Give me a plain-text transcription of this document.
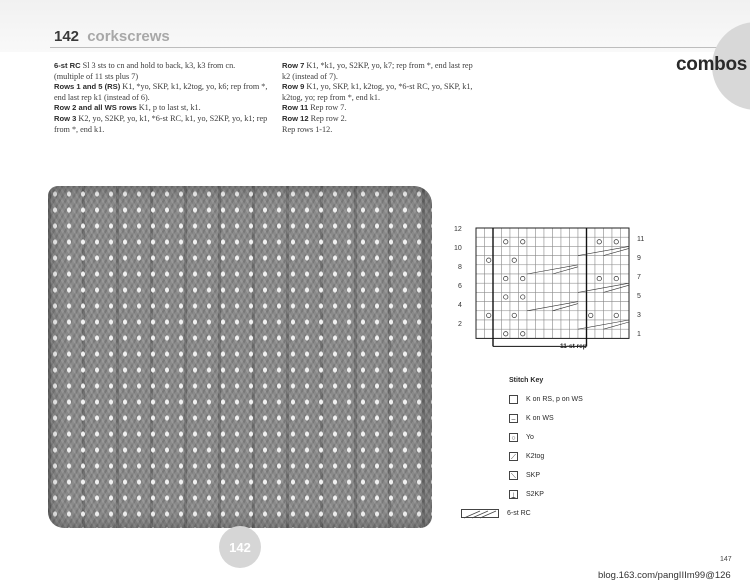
142 corkscrews
combos
6-st RC Sl 3 sts to cn and hold to back, k3, k3 from cn.
(multiple of 11 sts plus 7)
Rows 1 and 5 (RS) K1, *yo, SKP, k1, k2tog, yo, k6; rep from *, end last rep k1 (instead of 6).
Row 2 and all WS rows K1, p to last st, k1.
Row 3 K2, yo, S2KP, yo, k1, *6-st RC, k1, yo, S2KP, yo, k1; rep from *, end k1.
Row 7 K1, *k1, yo, S2KP, yo, k7; rep from *, end last rep k2 (instead of 7).
Row 9 K1, yo, SKP, k1, k2tog, yo, *6-st RC, yo, SKP, k1, k2tog, yo; rep from *, end k1.
Row 11 Rep row 7.
Row 12 Rep row 2.
Rep rows 1-12.
12
10
8
6
4
2
11
9
7
5
3
1
11-st rep
Stitch Key
K on RS, p on WS
–	K on WS
○	Yo
⟋ K2tog
⟍ SKP
⍊	S2KP
6-st RC
142
147
blog.163.com/pangIIIm99@126
